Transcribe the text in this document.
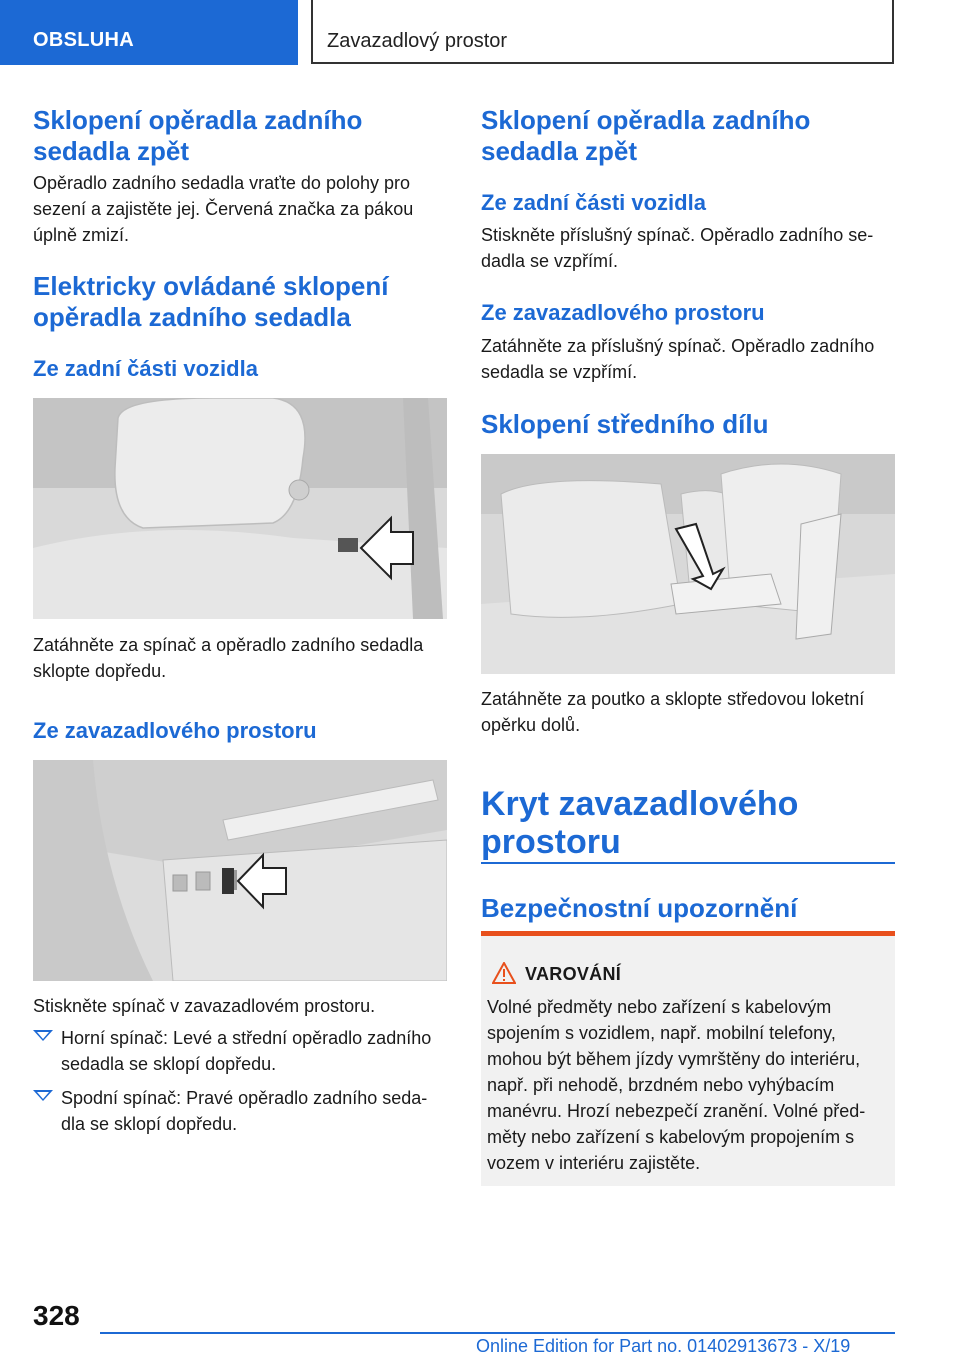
OBSLUHA	Zavazadlový prostor
Sklopení opěradla zadního sedadla zpět

Opěradlo zadního sedadla vraťte do polohy pro sezení a zajistěte jej. Červená značka za pákou úplně zmizí.

Elektricky ovládané sklopení opěradla zadního sedadla
Ze zadní části vozidla

Zatáhněte za spínač a opěradlo zadního sedadla sklopte dopředu.

Ze zavazadlového prostoru

Stiskněte spínač v zavazadlovém prostoru.

Horní spínač: Levé a střední opěradlo zadního sedadla se sklopí dopředu.
Spodní spínač: Pravé opěradlo zadního seda-dla se sklopí dopředu.
Sklopení opěradla zadního sedadla zpět
Ze zadní části vozidla

Stiskněte příslušný spínač. Opěradlo zadního se-dadla se vzpřímí.

Ze zavazadlového prostoru

Zatáhněte za příslušný spínač. Opěradlo zadního sedadla se vzpřímí.

Sklopení středního dílu

Zatáhněte za poutko a sklopte středovou loketní opěrku dolů.

Kryt zavazadlového prostoru
Bezpečnostní upozornění
VAROVÁNÍ

Volné předměty nebo zařízení s kabelovým spojením s vozidlem, např. mobilní telefony, mohou být během jízdy vymrštěny do interiéru, např. při nehodě, brzdném nebo vyhýbacím manévru. Hrozí nebezpečí zranění. Volné před-měty nebo zařízení s kabelovým propojením s vozem v interiéru zajistěte.

328
Online Edition for Part no. 01402913673 - X/19
